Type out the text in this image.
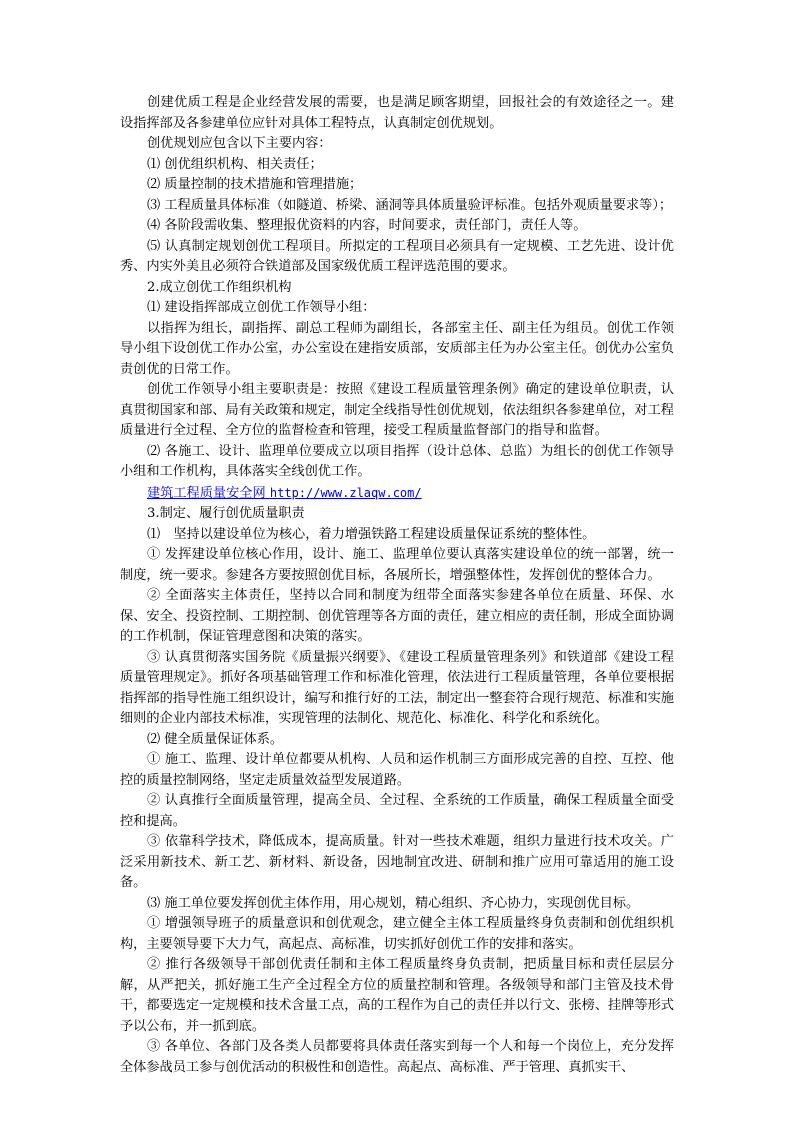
创建优质工程是企业经营发展的需要，也是满足顾客期望，回报社会的有效途径之一。建设指挥部及各参建单位应针对具体工程特点，认真制定创优规划。

创优规划应包含以下主要内容：

⑴ 创优组织机构、相关责任；

⑵ 质量控制的技术措施和管理措施；

⑶ 工程质量具体标准（如隧道、桥梁、涵洞等具体质量验评标准。包括外观质量要求等）；

⑷ 各阶段需收集、整理报优资料的内容，时间要求，责任部门，责任人等。

⑸ 认真制定规划创优工程项目。所拟定的工程项目必须具有一定规模、工艺先进、设计优秀、内实外美且必须符合铁道部及国家级优质工程评选范围的要求。

2.成立创优工作组织机构

⑴ 建设指挥部成立创优工作领导小组：

以指挥为组长，副指挥、副总工程师为副组长，各部室主任、副主任为组员。创优工作领导小组下设创优工作办公室，办公室设在建指安质部，安质部主任为办公室主任。创优办公室负责创优的日常工作。

创优工作领导小组主要职责是：按照《建设工程质量管理条例》确定的建设单位职责，认真贯彻国家和部、局有关政策和规定，制定全线指导性创优规划，依法组织各参建单位，对工程质量进行全过程、全方位的监督检查和管理，接受工程质量监督部门的指导和监督。

⑵ 各施工、设计、监理单位要成立以项目指挥（设计总体、总监）为组长的创优工作领导小组和工作机构，具体落实全线创优工作。

建筑工程质量安全网 http://www.zlaqw.com/

3.制定、履行创优质量职责

⑴　坚持以建设单位为核心，着力增强铁路工程建设质量保证系统的整体性。

① 发挥建设单位核心作用，设计、施工、监理单位要认真落实建设单位的统一部署，统一制度，统一要求。参建各方要按照创优目标，各展所长，增强整体性，发挥创优的整体合力。

② 全面落实主体责任，坚持以合同和制度为纽带全面落实参建各单位在质量、环保、水保、安全、投资控制、工期控制、创优管理等各方面的责任，建立相应的责任制，形成全面协调的工作机制，保证管理意图和决策的落实。

③ 认真贯彻落实国务院《质量振兴纲要》、《建设工程质量管理条列》和铁道部《建设工程质量管理规定》。抓好各项基础管理工作和标准化管理，依法进行工程质量管理，各单位要根据指挥部的指导性施工组织设计，编写和推行好的工法，制定出一整套符合现行规范、标准和实施细则的企业内部技术标准，实现管理的法制化、规范化、标准化、科学化和系统化。

⑵ 健全质量保证体系。

① 施工、监理、设计单位都要从机构、人员和运作机制三方面形成完善的自控、互控、他控的质量控制网络，坚定走质量效益型发展道路。

② 认真推行全面质量管理，提高全员、全过程、全系统的工作质量，确保工程质量全面受控和提高。

③ 依靠科学技术，降低成本，提高质量。针对一些技术难题，组织力量进行技术攻关。广泛采用新技术、新工艺、新材料、新设备，因地制宜改进、研制和推广应用可靠适用的施工设备。

⑶ 施工单位要发挥创优主体作用，用心规划，精心组织、齐心协力，实现创优目标。

① 增强领导班子的质量意识和创优观念，建立健全主体工程质量终身负责制和创优组织机构，主要领导要下大力气，高起点、高标准，切实抓好创优工作的安排和落实。

② 推行各级领导干部创优责任制和主体工程质量终身负责制，把质量目标和责任层层分解，从严把关，抓好施工生产全过程全方位的质量控制和管理。各级领导和部门主管及技术骨干，都要选定一定规模和技术含量工点，高的工程作为自己的责任并以行文、张榜、挂牌等形式予以公布，并一抓到底。

③ 各单位、各部门及各类人员都要将具体责任落实到每一个人和每一个岗位上，充分发挥全体参战员工参与创优活动的积极性和创造性。高起点、高标准、严于管理、真抓实干、
